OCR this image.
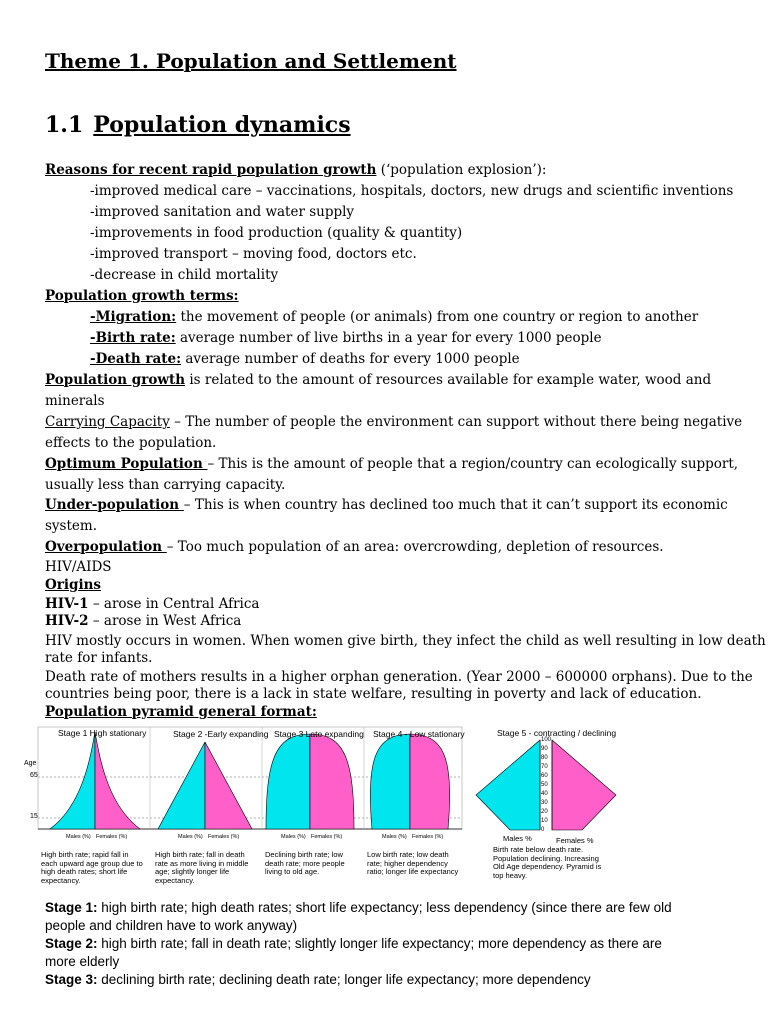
Theme 1. Population and Settlement
1.1 Population dynamics
Reasons for recent rapid population growth (‘population explosion’):
-improved medical care – vaccinations, hospitals, doctors, new drugs and scientific inventions
-improved sanitation and water supply
-improvements in food production (quality & quantity)
-improved transport – moving food, doctors etc.
-decrease in child mortality
Population growth terms:
-Migration: the movement of people (or animals) from one country or region to another
-Birth rate: average number of live births in a year for every 1000 people
-Death rate: average number of deaths for every 1000 people
Population growth is related to the amount of resources available for example water, wood and
minerals
Carrying Capacity – The number of people the environment can support without there being negative
effects to the population.
Optimum Population – This is the amount of people that a region/country can ecologically support,
usually less than carrying capacity.
Under-population – This is when country has declined too much that it can’t support its economic
system.
Overpopulation – Too much population of an area: overcrowding, depletion of resources.
HIV/AIDS
Origins
HIV-1 – arose in Central Africa
HIV-2 – arose in West Africa
HIV mostly occurs in women. When women give birth, they infect the child as well resulting in low death
rate for infants.
Death rate of mothers results in a higher orphan generation. (Year 2000 – 600000 orphans). Due to the
countries being poor, there is a lack in state welfare, resulting in poverty and lack of education.
Population pyramid general format:
Stage 1 High stationary	Stage 2 -Early expanding Stage 3 Late expanding Stage 4 - Low stationary	Stage 5 - contracting / declining
Age
65
15
Males (%) Females (%)	Males (%) Females (%)	Males (%) Females (%)	Males (%) Females (%)
High birth rate; rapid fall in each upward age group due to high death rates; short life expectancy.
High birth rate; fall in death rate as more living in middle age; slightly longer life expectancy.
Declining birth rate; low death rate; more people living to old age.
Low birth rate; low death rate; higher dependency ratio; longer life expectancy
100
90
80
70
60
50
40
30
20
10
0
Males %	Females %
Birth rate below death rate. Population declining. Increasing Old Age dependency. Pyramid is top heavy.
Stage 1: high birth rate; high death rates; short life expectancy; less dependency (since there are few old
people and children have to work anyway)
Stage 2: high birth rate; fall in death rate; slightly longer life expectancy; more dependency as there are
more elderly
Stage 3: declining birth rate; declining death rate; longer life expectancy; more dependency
